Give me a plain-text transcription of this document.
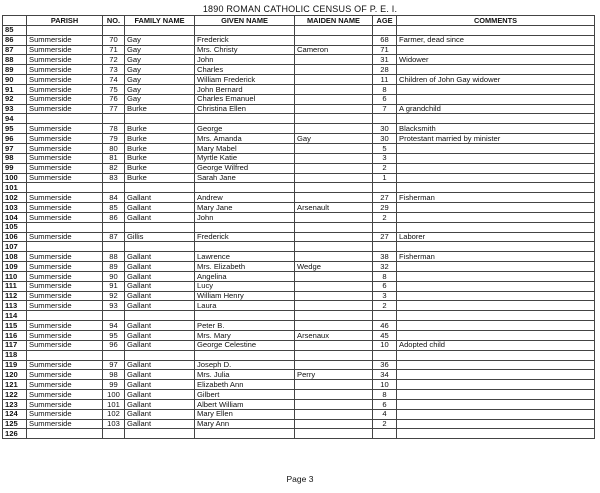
1890 ROMAN CATHOLIC CENSUS OF P. E. I.
	PARISH	NO.	FAMILY NAME	GIVEN NAME	MAIDEN NAME	AGE	COMMENTS
85							
86	Summerside	70	Gay	Frederick		68	Farmer, dead since
87	Summerside	71	Gay	Mrs. Christy	Cameron	71	
88	Summerside	72	Gay	John		31	Widower
89	Summerside	73	Gay	Charles		28	
90	Summerside	74	Gay	William Frederick		11	Children of John Gay widower
91	Summerside	75	Gay	John Bernard		8	
92	Summerside	76	Gay	Charles Emanuel		6	
93	Summerside	77	Burke	Christina Ellen		7	A grandchild
94							
95	Summerside	78	Burke	George		30	Blacksmith
96	Summerside	79	Burke	Mrs. Amanda	Gay	30	Protestant married by minister
97	Summerside	80	Burke	Mary Mabel		5	
98	Summerside	81	Burke	Myrtle Katie		3	
99	Summerside	82	Burke	George Wilfred		2	
100	Summerside	83	Burke	Sarah Jane		1	
101							
102	Summerside	84	Gallant	Andrew		27	Fisherman
103	Summerside	85	Gallant	Mary Jane	Arsenault	29	
104	Summerside	86	Gallant	John		2	
105							
106	Summerside	87	Gillis	Frederick		27	Laborer
107							
108	Summerside	88	Gallant	Lawrence		38	Fisherman
109	Summerside	89	Gallant	Mrs. Elizabeth	Wedge	32	
110	Summerside	90	Gallant	Angelina		8	
111	Summerside	91	Gallant	Lucy		6	
112	Summerside	92	Gallant	William Henry		3	
113	Summerside	93	Gallant	Laura		2	
114							
115	Summerside	94	Gallant	Peter B.		46	
116	Summerside	95	Gallant	Mrs. Mary	Arsenaux	45	
117	Summerside	96	Gallant	George Celestine		10	Adopted child
118							
119	Summerside	97	Gallant	Joseph D.		36	
120	Summerside	98	Gallant	Mrs. Julia	Perry	34	
121	Summerside	99	Gallant	Elizabeth Ann		10	
122	Summerside	100	Gallant	Gilbert		8	
123	Summerside	101	Gallant	Albert William		6	
124	Summerside	102	Gallant	Mary Ellen		4	
125	Summerside	103	Gallant	Mary Ann		2	
126							
Page 3
